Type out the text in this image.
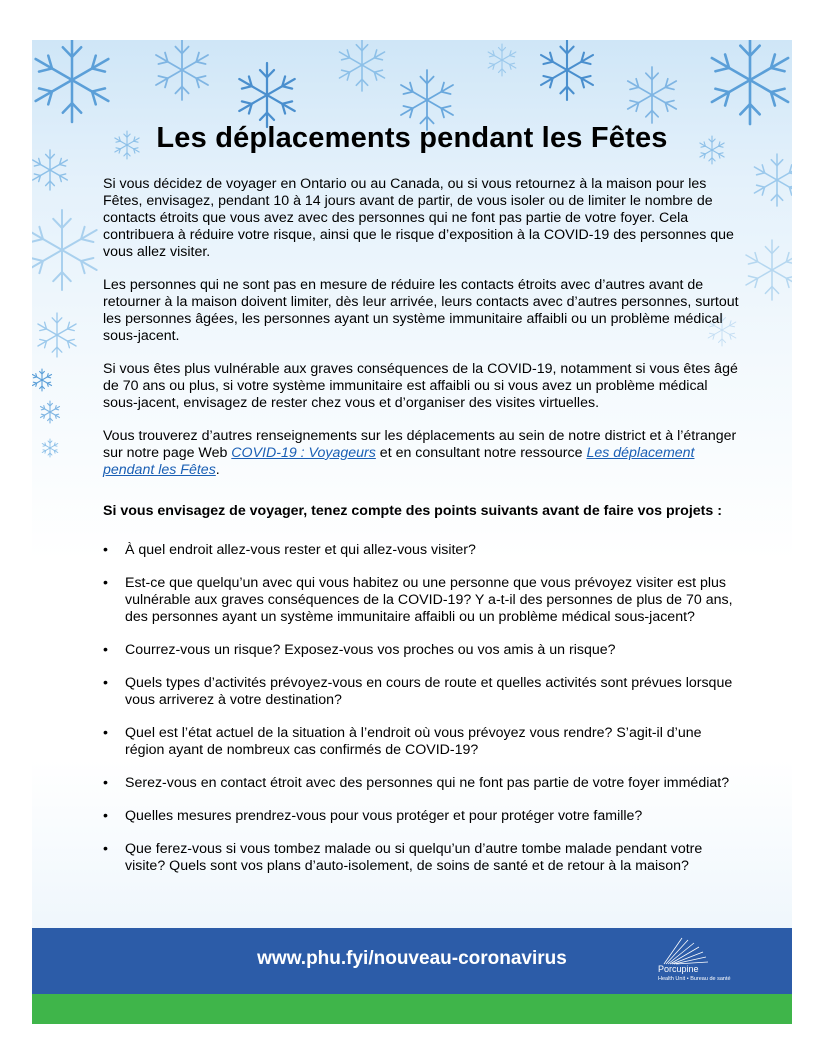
Les déplacements pendant les Fêtes

Si vous décidez de voyager en Ontario ou au Canada, ou si vous retournez à la maison pour les Fêtes, envisagez, pendant 10 à 14 jours avant de partir, de vous isoler ou de limiter le nombre de contacts étroits que vous avez avec des personnes qui ne font pas partie de votre foyer. Cela contribuera à réduire votre risque, ainsi que le risque d’exposition à la COVID-19 des personnes que vous allez visiter.

Les personnes qui ne sont pas en mesure de réduire les contacts étroits avec d’autres avant de retourner à la maison doivent limiter, dès leur arrivée, leurs contacts avec d’autres personnes, surtout les personnes âgées, les personnes ayant un système immunitaire affaibli ou un problème médical sous-jacent.

Si vous êtes plus vulnérable aux graves conséquences de la COVID-19, notamment si vous êtes âgé de 70 ans ou plus, si votre système immunitaire est affaibli ou si vous avez un problème médical sous-jacent, envisagez de rester chez vous et d’organiser des visites virtuelles.

Vous trouverez d’autres renseignements sur les déplacements au sein de notre district et à l’étranger sur notre page Web COVID-19 : Voyageurs et en consultant notre ressource Les déplacement pendant les Fêtes.

Si vous envisagez de voyager, tenez compte des points suivants avant de faire vos projets :

• À quel endroit allez-vous rester et qui allez-vous visiter?
• Est-ce que quelqu’un avec qui vous habitez ou une personne que vous prévoyez visiter est plus vulnérable aux graves conséquences de la COVID-19? Y a-t-il des personnes de plus de 70 ans, des personnes ayant un système immunitaire affaibli ou un problème médical sous-jacent?
• Courrez-vous un risque? Exposez-vous vos proches ou vos amis à un risque?
• Quels types d’activités prévoyez-vous en cours de route et quelles activités sont prévues lorsque vous arriverez à votre destination?
• Quel est l’état actuel de la situation à l’endroit où vous prévoyez vous rendre? S’agit-il d’une région ayant de nombreux cas confirmés de COVID-19?
• Serez-vous en contact étroit avec des personnes qui ne font pas partie de votre foyer immédiat?
• Quelles mesures prendrez-vous pour vous protéger et pour protéger votre famille?
• Que ferez-vous si vous tombez malade ou si quelqu’un d’autre tombe malade pendant votre visite? Quels sont vos plans d’auto-isolement, de soins de santé et de retour à la maison?
www.phu.fyi/nouveau-coronavirus	Porcupine
Health Unit • Bureau de santé
